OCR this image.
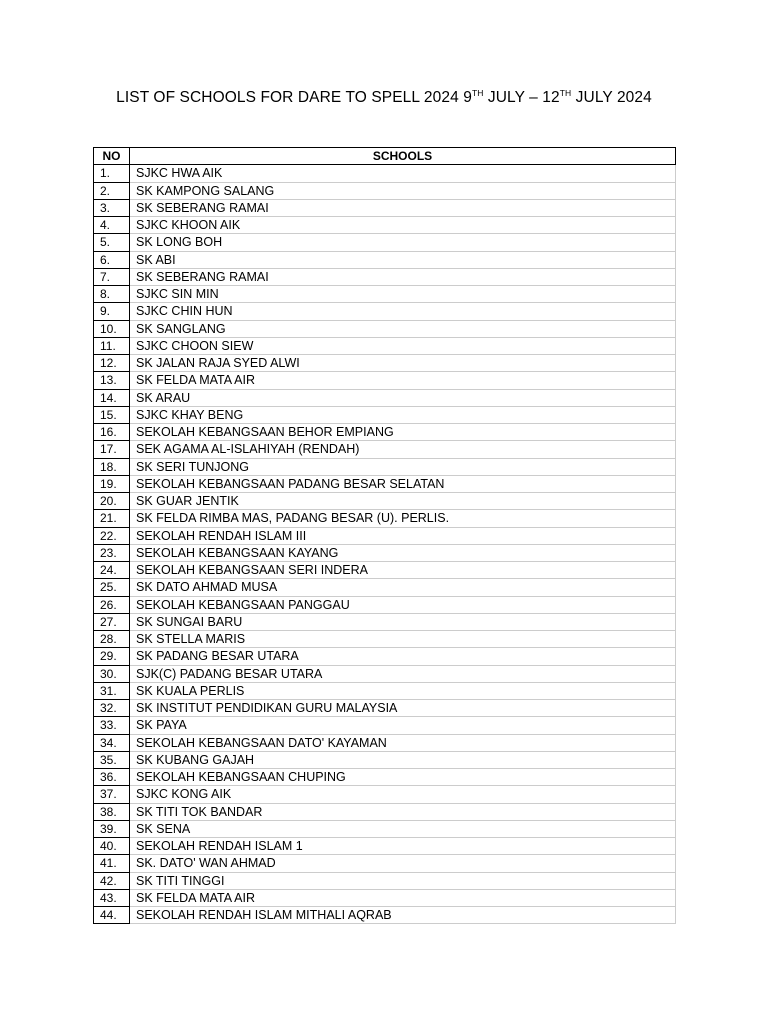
LIST OF SCHOOLS FOR DARE TO SPELL 2024 9TH JULY – 12TH JULY 2024
NO	SCHOOLS
1.	SJKC HWA AIK
2.	SK KAMPONG SALANG
3.	SK SEBERANG RAMAI
4.	SJKC KHOON AIK
5.	SK LONG BOH
6.	SK ABI
7.	SK SEBERANG RAMAI
8.	SJKC SIN MIN
9.	SJKC CHIN HUN
10.	SK SANGLANG
11.	SJKC CHOON SIEW
12.	SK JALAN RAJA SYED ALWI
13.	SK FELDA MATA AIR
14.	SK ARAU
15.	SJKC KHAY BENG
16.	SEKOLAH KEBANGSAAN BEHOR EMPIANG
17.	SEK AGAMA AL-ISLAHIYAH (RENDAH)
18.	SK SERI TUNJONG
19.	SEKOLAH KEBANGSAAN PADANG BESAR SELATAN
20.	SK GUAR JENTIK
21.	SK FELDA RIMBA MAS, PADANG BESAR (U). PERLIS.
22.	SEKOLAH RENDAH ISLAM III
23.	SEKOLAH KEBANGSAAN KAYANG
24.	SEKOLAH KEBANGSAAN SERI INDERA
25.	SK DATO AHMAD MUSA
26.	SEKOLAH KEBANGSAAN PANGGAU
27.	SK SUNGAI BARU
28.	SK STELLA MARIS
29.	SK PADANG BESAR UTARA
30.	SJK(C) PADANG BESAR UTARA
31.	SK KUALA PERLIS
32.	SK INSTITUT PENDIDIKAN GURU MALAYSIA
33.	SK PAYA
34.	SEKOLAH KEBANGSAAN DATO' KAYAMAN
35.	SK KUBANG GAJAH
36.	SEKOLAH KEBANGSAAN CHUPING
37.	SJKC KONG AIK
38.	SK TITI TOK BANDAR
39.	SK SENA
40.	SEKOLAH RENDAH ISLAM 1
41.	SK. DATO' WAN AHMAD
42.	SK TITI TINGGI
43.	SK FELDA MATA AIR
44.	SEKOLAH RENDAH ISLAM MITHALI AQRAB
